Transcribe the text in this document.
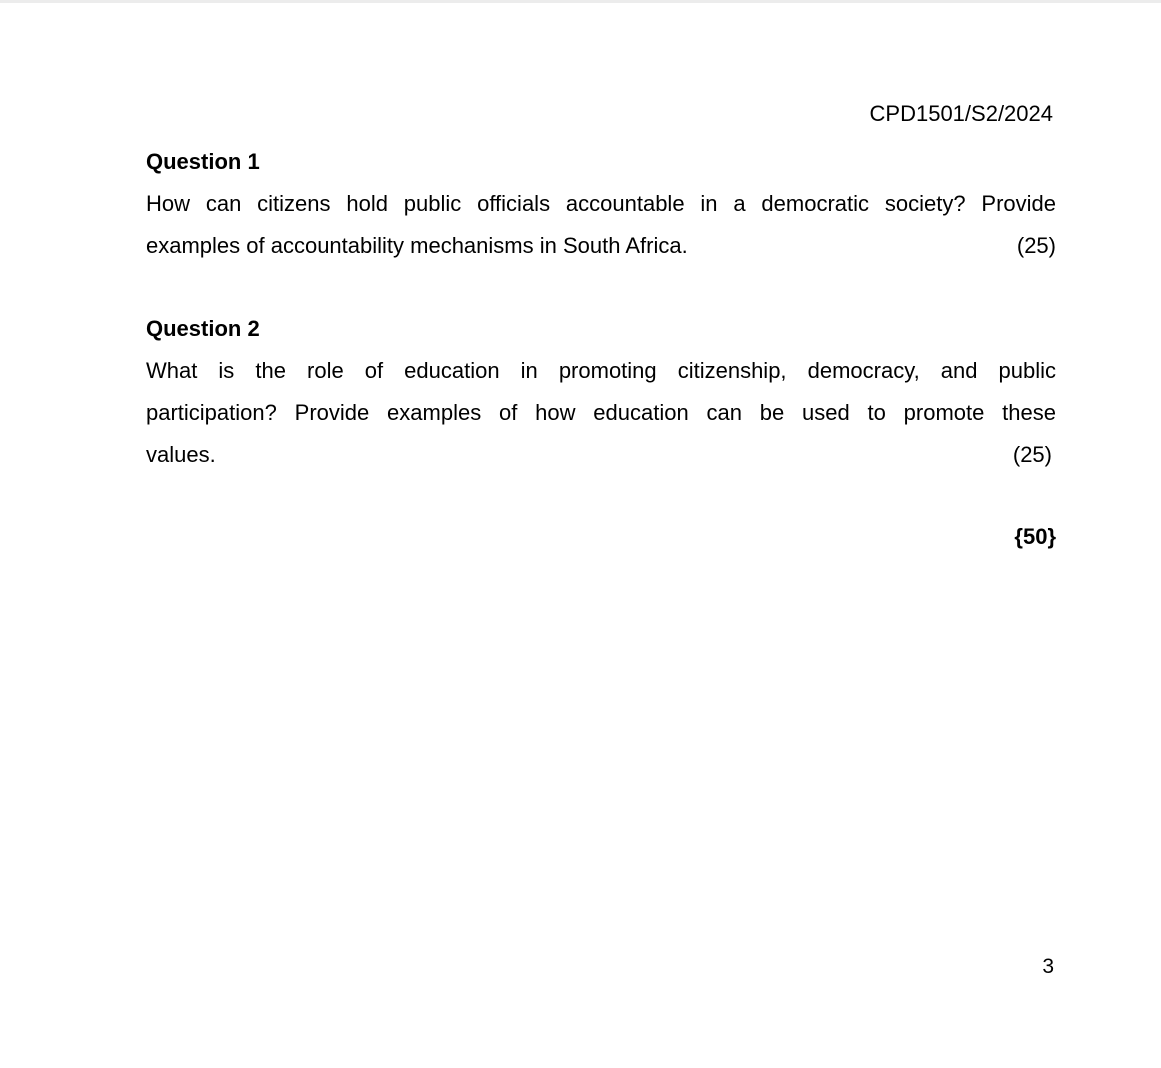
CPD1501/S2/2024
Question 1
How can citizens hold public officials accountable in a democratic society? Provide
examples of accountability mechanisms in South Africa.	(25)
Question 2
What is the role of education in promoting citizenship, democracy, and public
participation? Provide examples of how education can be used to promote these
values.	(25)
{50}
3
